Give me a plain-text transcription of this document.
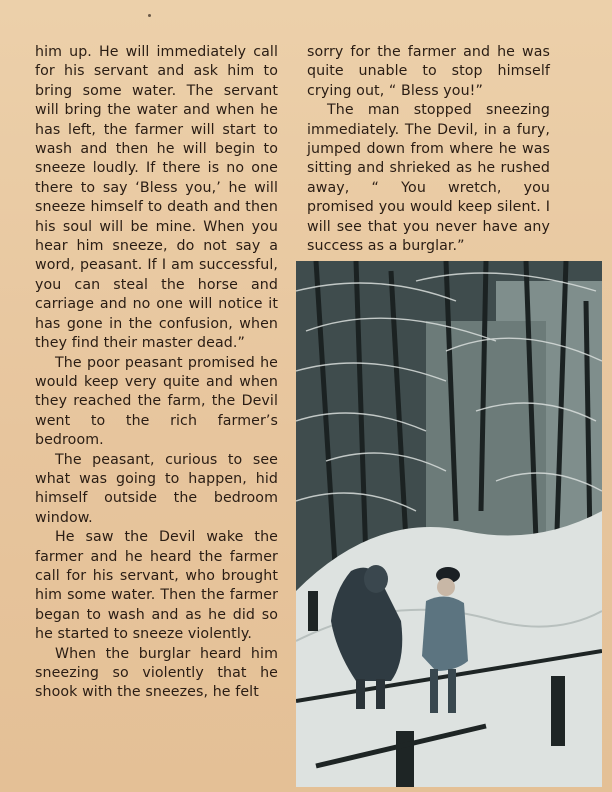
him up. He will immediately call for his servant and ask him to bring some water. The servant will bring the water and when he has left, the farmer will start to wash and then he will begin to sneeze loudly. If there is no one there to say ‘Bless you,’ he will sneeze himself to death and then his soul will be mine. When you hear him sneeze, do not say a word, peasant. If I am successful, you can steal the horse and carriage and no one will notice it has gone in the confusion, when they find their master dead.”

The poor peasant promised he would keep very quite and when they reached the farm, the Devil went to the rich farmer’s bedroom.

The peasant, curious to see what was going to happen, hid himself outside the bedroom window.

He saw the Devil wake the farmer and he heard the farmer call for his servant, who brought him some water. Then the farmer began to wash and as he did so he started to sneeze violently.

When the burglar heard him sneezing so violently that he shook with the sneezes, he felt

sorry for the farmer and he was quite unable to stop himself crying out, “ Bless you!”

The man stopped sneezing immediately. The Devil, in a fury, jumped down from where he was sitting and shrieked as he rushed away, “ You wretch, you promised you would keep silent. I will see that you never have any success as a burglar.”
